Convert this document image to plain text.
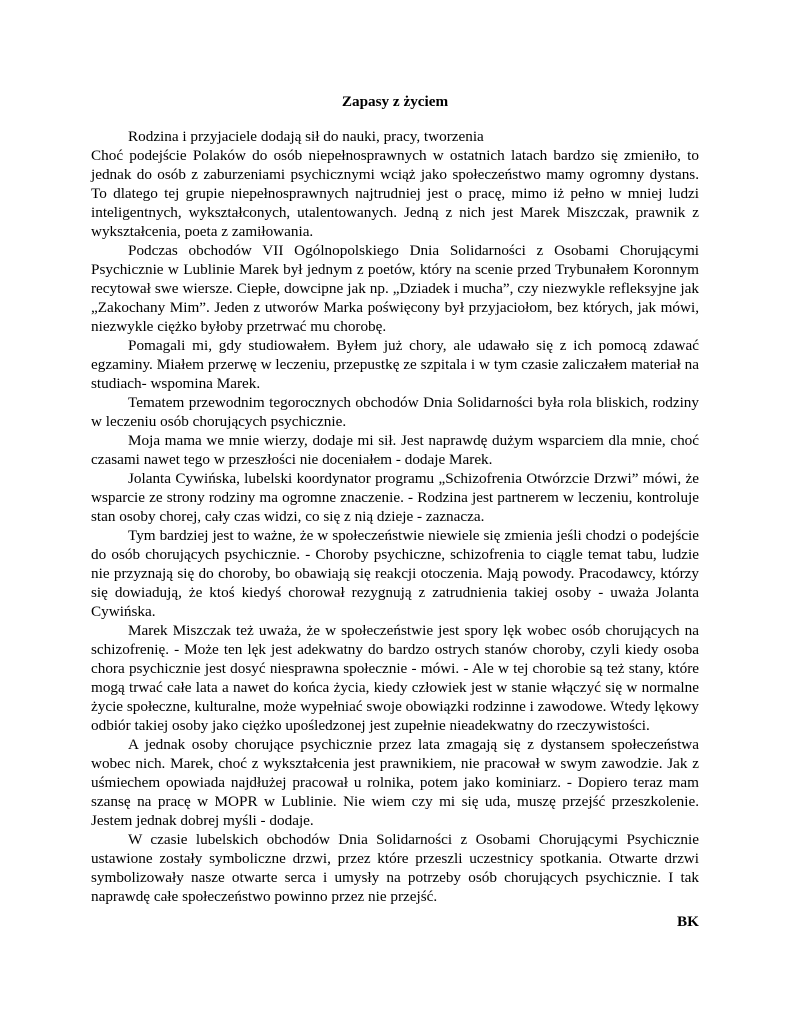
Zapasy z życiem

Rodzina i przyjaciele dodają sił do nauki, pracy, tworzenia

Choć podejście Polaków do osób niepełnosprawnych w ostatnich latach bardzo się zmieniło, to jednak do osób z zaburzeniami psychicznymi wciąż jako społeczeństwo mamy ogromny dystans. To dlatego tej grupie niepełnosprawnych najtrudniej jest o pracę, mimo iż pełno w mniej ludzi inteligentnych, wykształconych, utalentowanych. Jedną z nich jest Marek Miszczak, prawnik z wykształcenia, poeta z zamiłowania.

Podczas obchodów VII Ogólnopolskiego Dnia Solidarności z Osobami Chorującymi Psychicznie w Lublinie Marek był jednym z poetów, który na scenie przed Trybunałem Koronnym recytował swe wiersze. Ciepłe, dowcipne jak np. „Dziadek i mucha”, czy niezwykle refleksyjne jak „Zakochany Mim”. Jeden z utworów Marka poświęcony był przyjaciołom, bez których, jak mówi, niezwykle ciężko byłoby przetrwać mu chorobę.

Pomagali mi, gdy studiowałem. Byłem już chory, ale udawało się z ich pomocą zdawać egzaminy. Miałem przerwę w leczeniu, przepustkę ze szpitala i w tym czasie zaliczałem materiał na studiach- wspomina Marek.

Tematem przewodnim tegorocznych obchodów Dnia Solidarności była rola bliskich, rodziny w leczeniu osób chorujących psychicznie.

Moja mama we mnie wierzy, dodaje mi sił. Jest naprawdę dużym wsparciem dla mnie, choć czasami nawet tego w przeszłości nie doceniałem - dodaje Marek.

Jolanta Cywińska, lubelski koordynator programu „Schizofrenia Otwórzcie Drzwi” mówi, że wsparcie ze strony rodziny ma ogromne znaczenie. - Rodzina jest partnerem w leczeniu, kontroluje stan osoby chorej, cały czas widzi, co się z nią dzieje - zaznacza.

Tym bardziej jest to ważne, że w społeczeństwie niewiele się zmienia jeśli chodzi o podejście do osób chorujących psychicznie. - Choroby psychiczne, schizofrenia to ciągle temat tabu, ludzie nie przyznają się do choroby, bo obawiają się reakcji otoczenia. Mają powody. Pracodawcy, którzy się dowiadują, że ktoś kiedyś chorował rezygnują z zatrudnienia takiej osoby - uważa Jolanta Cywińska.

Marek Miszczak też uważa, że w społeczeństwie jest spory lęk wobec osób chorujących na schizofrenię. - Może ten lęk jest adekwatny do bardzo ostrych stanów choroby, czyli kiedy osoba chora psychicznie jest dosyć niesprawna społecznie - mówi. - Ale w tej chorobie są też stany, które mogą trwać całe lata a nawet do końca życia, kiedy człowiek jest w stanie włączyć się w normalne życie społeczne, kulturalne, może wypełniać swoje obowiązki rodzinne i zawodowe. Wtedy lękowy odbiór takiej osoby jako ciężko upośledzonej jest zupełnie nieadekwatny do rzeczywistości.

A jednak osoby chorujące psychicznie przez lata zmagają się z dystansem społeczeństwa wobec nich. Marek, choć z wykształcenia jest prawnikiem, nie pracował w swym zawodzie. Jak z uśmiechem opowiada najdłużej pracował u rolnika, potem jako kominiarz. - Dopiero teraz mam szansę na pracę w MOPR w Lublinie. Nie wiem czy mi się uda, muszę przejść przeszkolenie. Jestem jednak dobrej myśli - dodaje.

W czasie lubelskich obchodów Dnia Solidarności z Osobami Chorującymi Psychicznie ustawione zostały symboliczne drzwi, przez które przeszli uczestnicy spotkania. Otwarte drzwi symbolizowały nasze otwarte serca i umysły na potrzeby osób chorujących psychicznie. I tak naprawdę całe społeczeństwo powinno przez nie przejść.

BK
